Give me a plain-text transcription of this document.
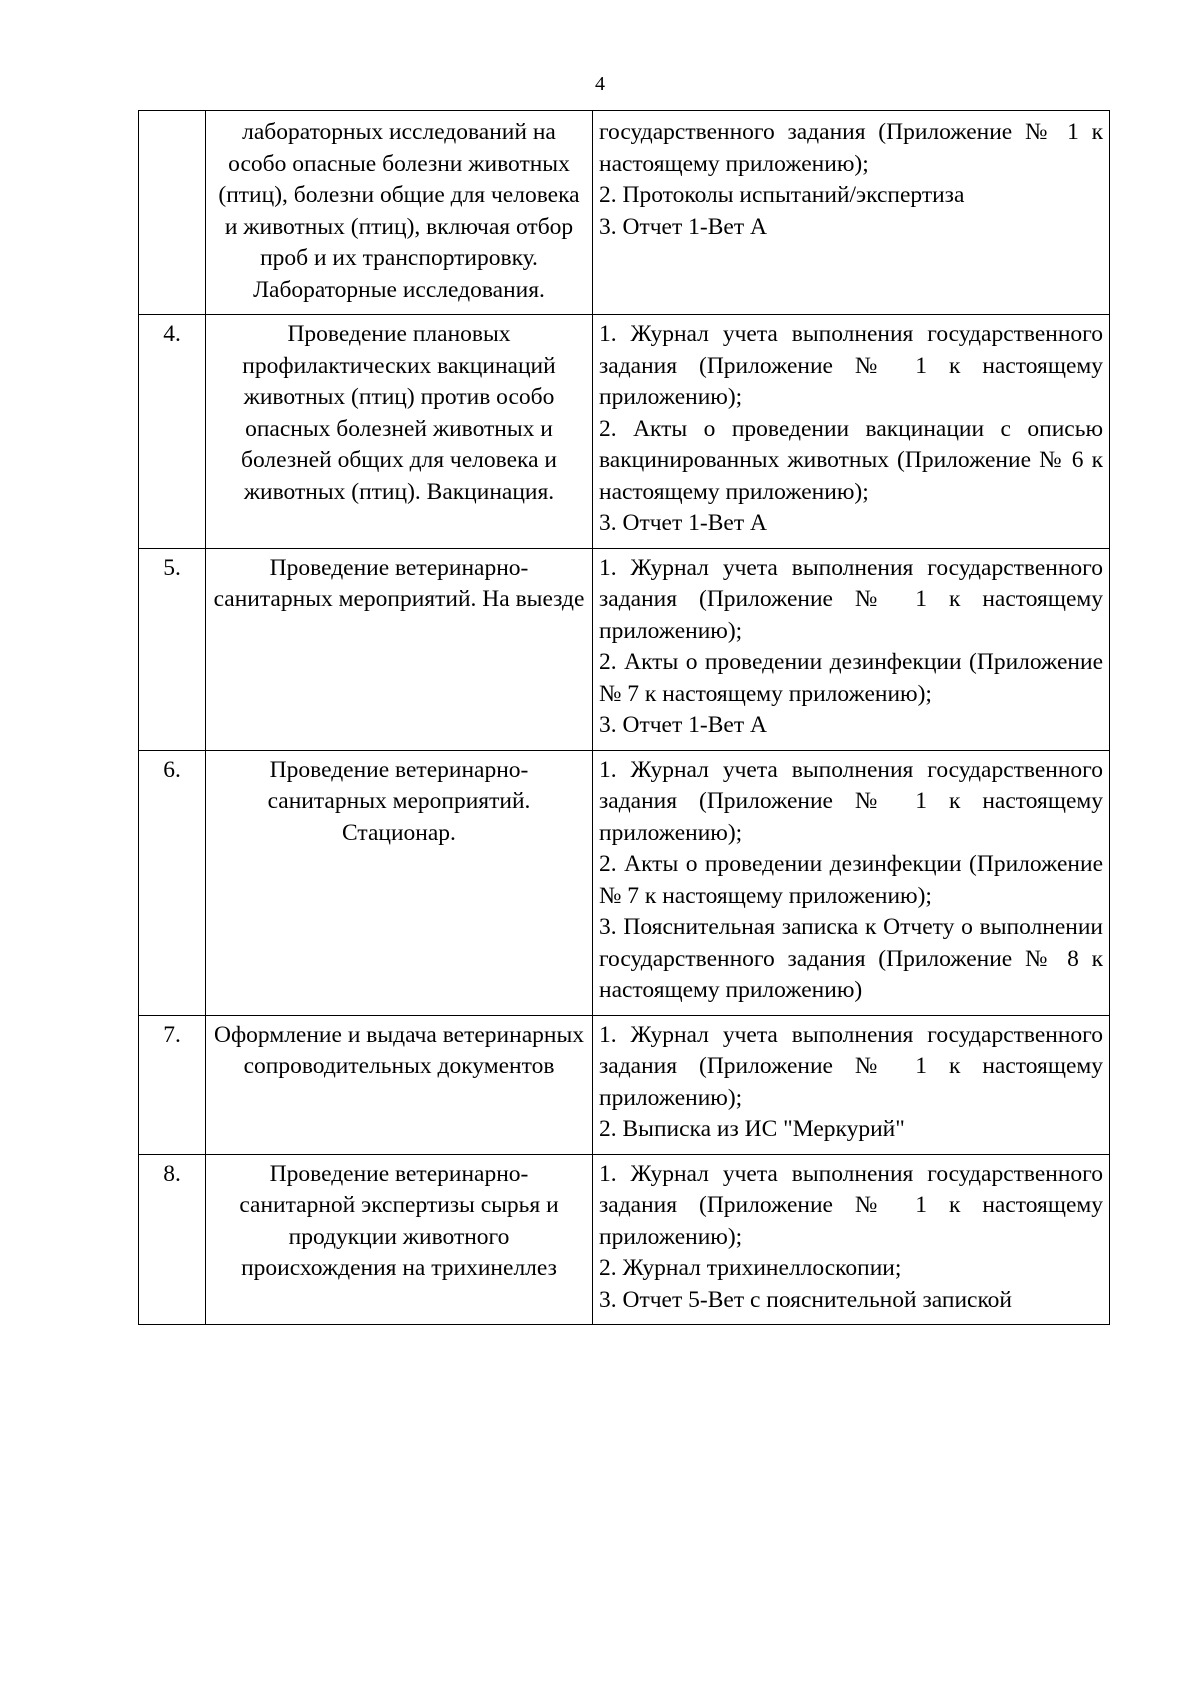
4
	лабораторных исследований на особо опасные болезни животных (птиц), болезни общие для человека и животных (птиц), включая отбор проб и их транспортировку. Лабораторные исследования.	государственного задания (Приложение № 1 к настоящему приложению);
2. Протоколы испытаний/экспертиза
3. Отчет 1-Вет А

4.	Проведение плановых профилактических вакцинаций животных (птиц) против особо опасных болезней животных и болезней общих для человека и животных (птиц). Вакцинация.	1. Журнал учета выполнения государственного задания (Приложение № 1 к настоящему приложению);
2. Акты о проведении вакцинации с описью вакцинированных животных (Приложение № 6 к настоящему приложению);
3. Отчет 1-Вет А

5.	Проведение ветеринарно-санитарных мероприятий. На выезде	1. Журнал учета выполнения государственного задания (Приложение № 1 к настоящему приложению);
2. Акты о проведении дезинфекции (Приложение № 7 к настоящему приложению);
3. Отчет 1-Вет А

6.	Проведение ветеринарно-санитарных мероприятий. Стационар.	1. Журнал учета выполнения государственного задания (Приложение № 1 к настоящему приложению);
2. Акты о проведении дезинфекции (Приложение № 7 к настоящему приложению);
3. Пояснительная записка к Отчету о выполнении государственного задания (Приложение № 8 к настоящему приложению)

7.	Оформление и выдача ветеринарных сопроводительных документов	1. Журнал учета выполнения государственного задания (Приложение № 1 к настоящему приложению);
2. Выписка из ИС "Меркурий"

8.	Проведение ветеринарно-санитарной экспертизы сырья и продукции животного происхождения на трихинеллез	1. Журнал учета выполнения государственного задания (Приложение № 1 к настоящему приложению);
2. Журнал трихинеллоскопии;
3. Отчет 5-Вет с пояснительной запиской
